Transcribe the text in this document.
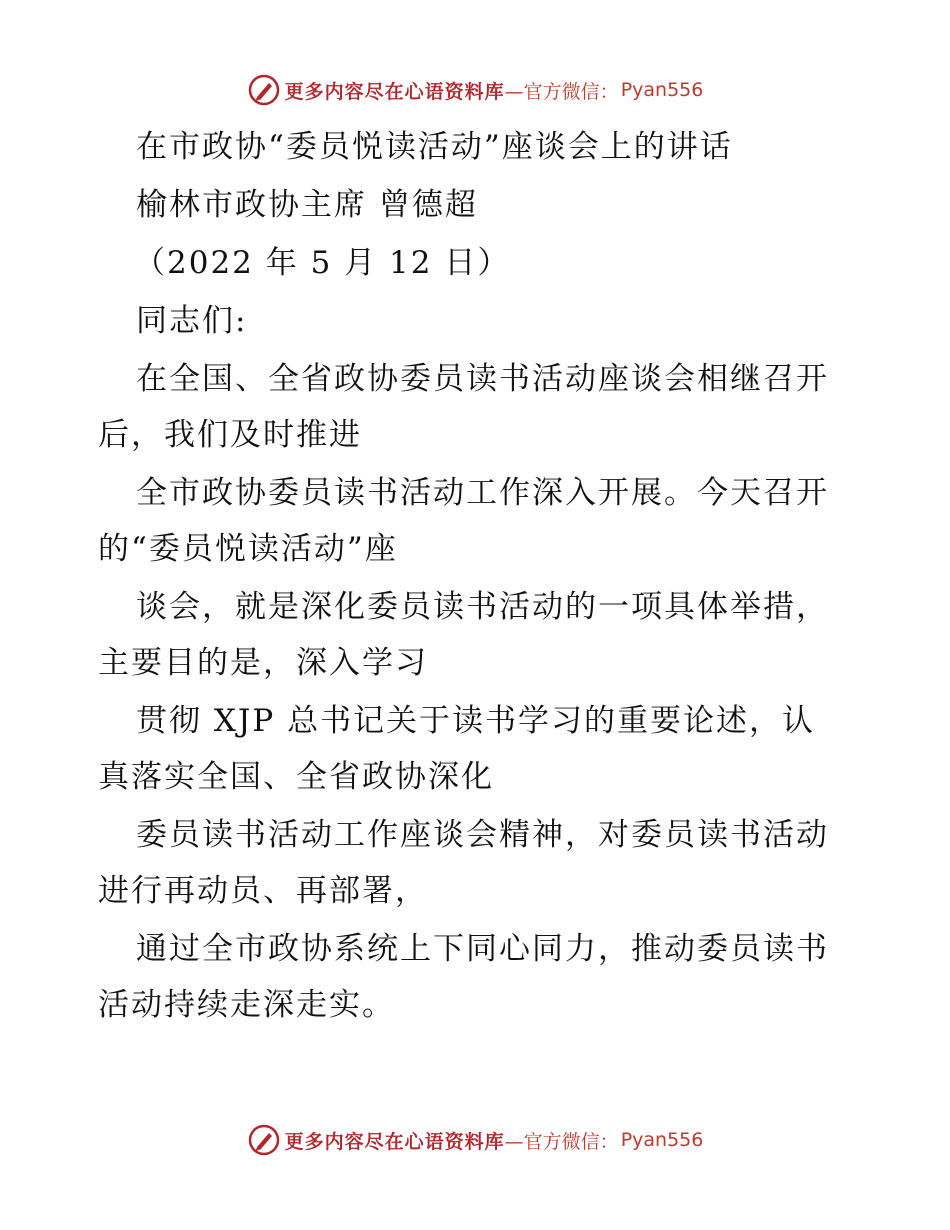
更多内容尽在心语资料库 —官方微信： Pyan556
在市政协“委员悦读活动”座谈会上的讲话
榆林市政协主席 曾德超
（2022 年 5 月 12 日）
同志们:
在全国、全省政协委员读书活动座谈会相继召开
后，我们及时推进
全市政协委员读书活动工作深入开展。今天召开
的“委员悦读活动”座
谈会，就是深化委员读书活动的一项具体举措，
主要目的是，深入学习
贯彻 XJP 总书记关于读书学习的重要论述，认
真落实全国、全省政协深化
委员读书活动工作座谈会精神，对委员读书活动
进行再动员、再部署，
通过全市政协系统上下同心同力，推动委员读书
活动持续走深走实。
更多内容尽在心语资料库 —官方微信： Pyan556
